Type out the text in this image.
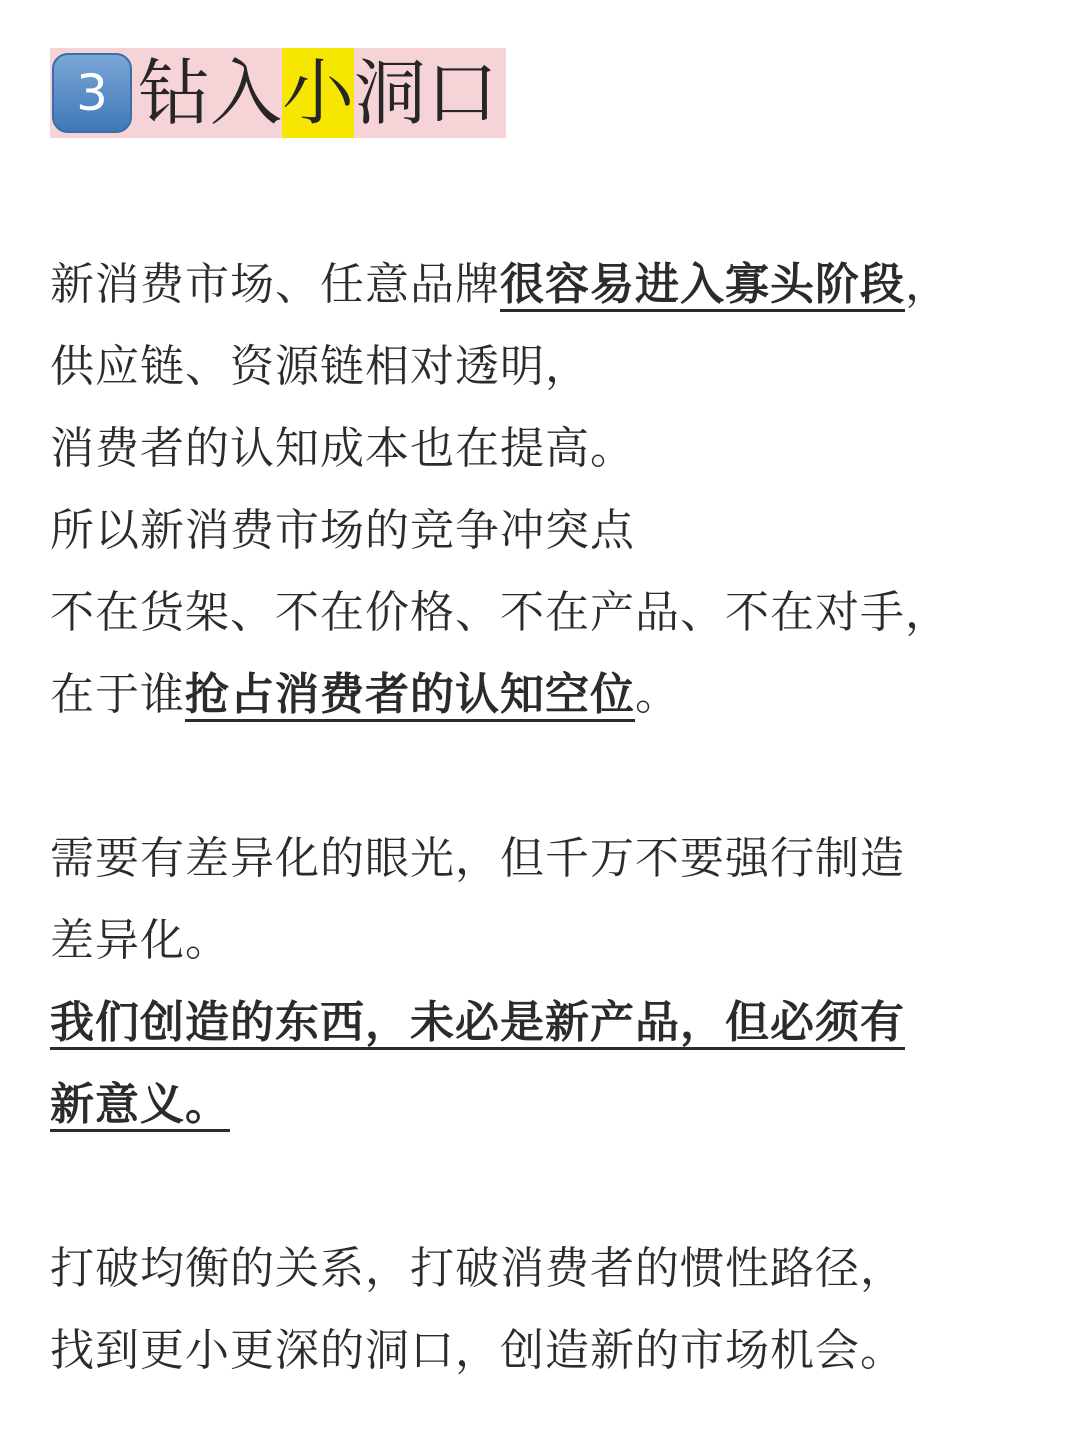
3 钻入 小 洞口
新消费市场、任意品牌很容易进入寡头阶段，
供应链、资源链相对透明，
消费者的认知成本也在提高。
所以新消费市场的竞争冲突点
不在货架、不在价格、不在产品、不在对手，
在于谁抢占消费者的认知空位。
需要有差异化的眼光，但千万不要强行制造
差异化。
我们创造的东西，未必是新产品，但必须有
新意义。
打破均衡的关系，打破消费者的惯性路径，
找到更小更深的洞口，创造新的市场机会。
